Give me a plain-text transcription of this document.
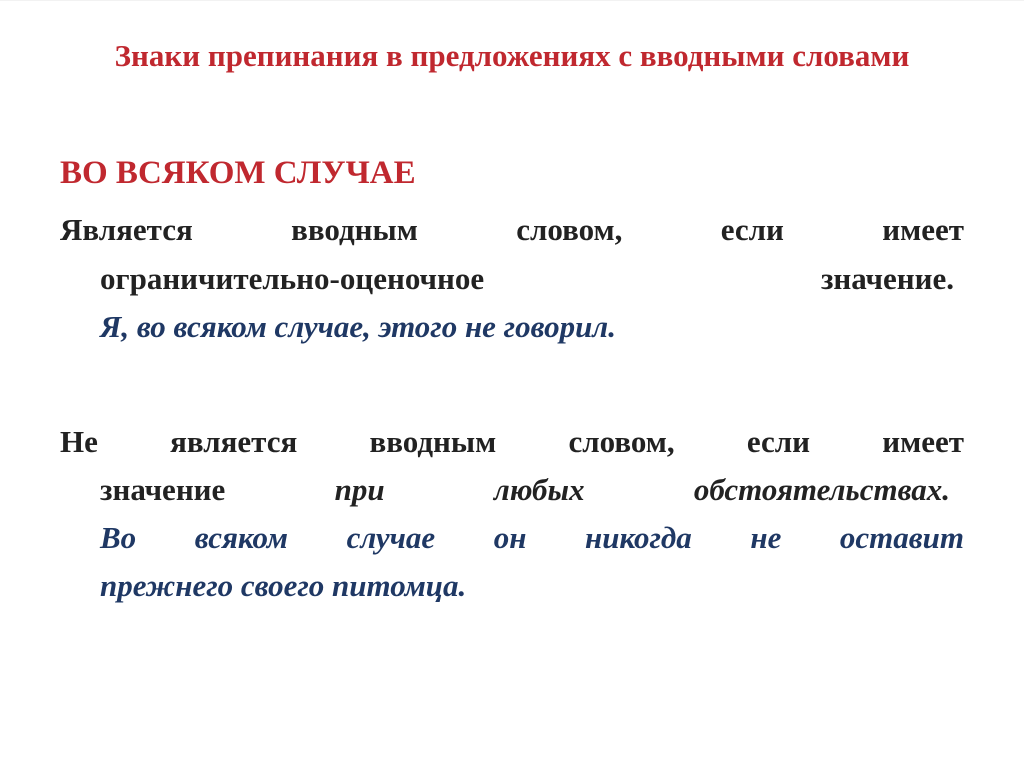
Знаки препинания в предложениях с вводными словами
ВО ВСЯКОМ СЛУЧАЕ
Является	вводным	словом,	если	имеет
ограничительно-оценочное	значение.
Я, во всяком случае, этого не говорил.
Не является вводным словом, если имеет
значение	при	любых	обстоятельствах.
Во всяком случае он никогда не оставит
прежнего своего питомца.
